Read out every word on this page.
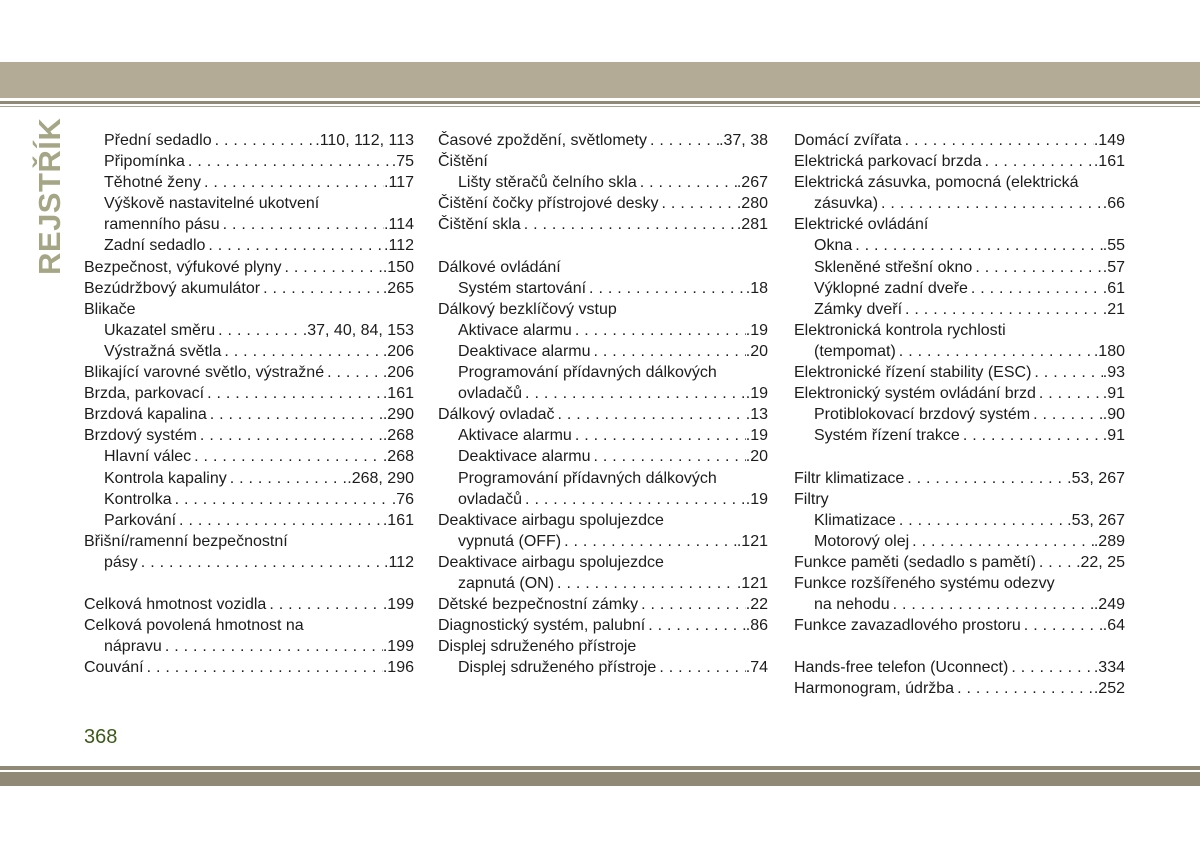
REJSTŘÍK Přední sedadlo . . .	.110, 112, 113
Připomínka . . .	.75
Těhotné ženy . . .	.117
Výškově nastavitelné ukotvení
ramenního pásu . . .	.114
Zadní sedadlo . . .	.112
Bezpečnost, výfukové plyny . . .	.150
Bezúdržbový akumulátor . . .	.265
Blikače
Ukazatel směru . . .	.37, 40, 84, 153
Výstražná světla . . .	.206
Blikající varovné světlo, výstražné . . .	.206
Brzda, parkovací . . .	.161
Brzdová kapalina . . .	.290
Brzdový systém . . .	.268
Hlavní válec . . .	.268
Kontrola kapaliny . . .	.268, 290
Kontrolka . . .	.76
Parkování . . .	.161
Břišní/ramenní bezpečnostní
pásy . . .	.112
Celková hmotnost vozidla . . .	.199
Celková povolená hmotnost na
nápravu . . .	.199
Couvání . . .	.196
Časové zpoždění, světlomety . . .	.37, 38
Čištění
Lišty stěračů čelního skla . . .	.267
Čištění čočky přístrojové desky . . .	.280
Čištění skla . . .	.281
Dálkové ovládání
Systém startování . . .	.18
Dálkový bezklíčový vstup
Aktivace alarmu . . .	.19
Deaktivace alarmu . . .	.20
Programování přídavných dálkových
ovladačů . . .	.19
Dálkový ovladač . . .	.13
Aktivace alarmu . . .	.19
Deaktivace alarmu . . .	.20
Programování přídavných dálkových
ovladačů . . .	.19
Deaktivace airbagu spolujezdce
vypnutá (OFF) . . .	.121
Deaktivace airbagu spolujezdce
zapnutá (ON) . . .	.121
Dětské bezpečnostní zámky . . .	.22
Diagnostický systém, palubní . . .	.86
Displej sdruženého přístroje
Displej sdruženého přístroje . . .	.74
Domácí zvířata . . .	.149
Elektrická parkovací brzda . . .	.161
Elektrická zásuvka, pomocná (elektrická
zásuvka) . . .	.66
Elektrické ovládání
Okna . . .	.55
Skleněné střešní okno . . .	.57
Výklopné zadní dveře . . .	.61
Zámky dveří . . .	.21
Elektronická kontrola rychlosti
(tempomat) . . .	.180
Elektronické řízení stability (ESC) . . .	.93
Elektronický systém ovládání brzd . . .	.91
Protiblokovací brzdový systém . . .	.90
Systém řízení trakce . . .	.91
Filtr klimatizace . . .	.53, 267
Filtry
Klimatizace . . .	.53, 267
Motorový olej . . .	.289
Funkce paměti (sedadlo s pamětí) . . .	.22, 25
Funkce rozšířeného systému odezvy
na nehodu . . .	.249
Funkce zavazadlového prostoru . . .	.64
Hands-free telefon (Uconnect) . . .	.334
Harmonogram, údržba . . .	.252
368
